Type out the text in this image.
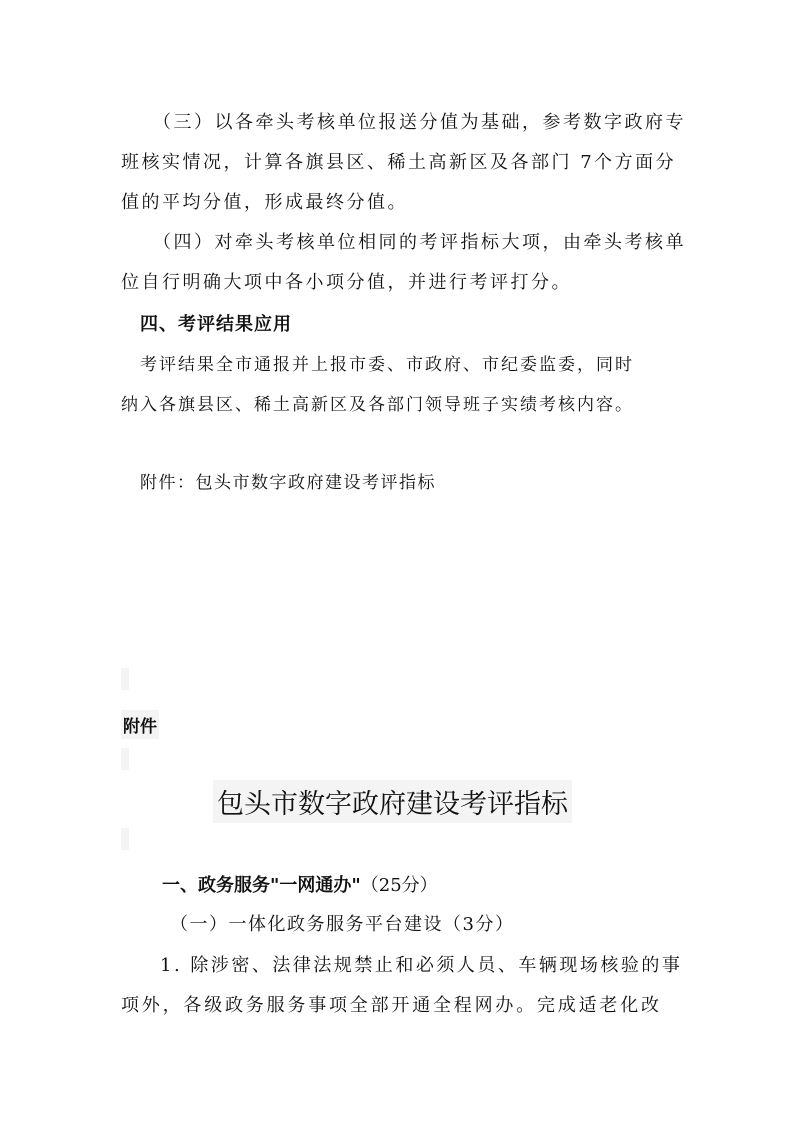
（三）以各牵头考核单位报送分值为基础，参考数字政府专
班核实情况，计算各旗县区、稀土高新区及各部门 7个方面分
值的平均分值，形成最终分值。
（四）对牵头考核单位相同的考评指标大项，由牵头考核单
位自行明确大项中各小项分值，并进行考评打分。
四、考评结果应用
考评结果全市通报并上报市委、市政府、市纪委监委，同时
纳入各旗县区、稀土高新区及各部门领导班子实绩考核内容。
附件：包头市数字政府建设考评指标
附件
包头市数字政府建设考评指标
一、政务服务"一网通办"（25分）
（一）一体化政务服务平台建设（3分）
1. 除涉密、法律法规禁止和必须人员、车辆现场核验的事
项外，各级政务服务事项全部开通全程网办。完成适老化改
